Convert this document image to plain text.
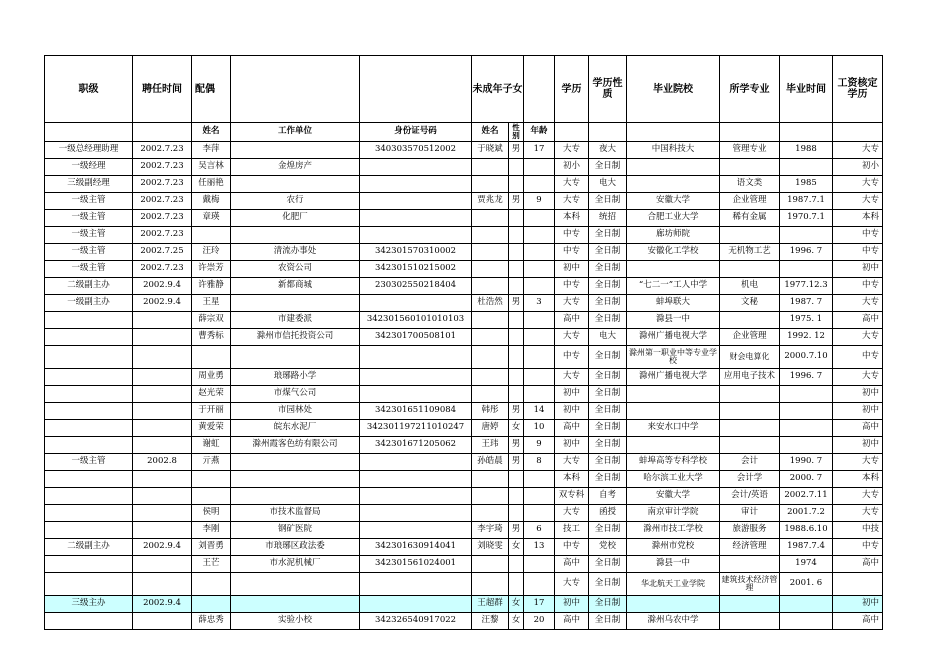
职级	聘任时间	配偶			未成年子女			学历	学历性质	毕业院校	所学专业	毕业时间	工资核定学历
		姓名	工作单位	身份证号码	姓名	性别	年龄						
一级总经理助理	2002.7.23	李萍		340303570512002	于晓斌	男	17	大专	夜大	中国科技大	管理专业	1988	大专
一级经理	2002.7.23	吴言林	金煌房产					初小	全日制				初小
三级副经理	2002.7.23	任丽艳						大专	电大		语文类	1985	大专
一级主管	2002.7.23	戴梅	农行		贾兆龙	男	9	大专	全日制	安徽大学	企业管理	1987.7.1	大专
一级主管	2002.7.23	章瑛	化肥厂					本科	统招	合肥工业大学	稀有金属	1970.7.1	本科
一级主管	2002.7.23							中专	全日制	廊坊师院			中专
一级主管	2002.7.25	汪玲	清流办事处	342301570310002				中专	全日制	安徽化工学校	无机物工艺	1996. 7	中专
一级主管	2002.7.23	许崇芳	农资公司	342301510215002				初中	全日制				初中
二级副主办	2002.9.4	许雅静	新都商城	230302550218404				中专	全日制	“七二一”工人中学	机电	1977.12.3	中专
一级副主办	2002.9.4	王星			杜浩然	男	3	大专	全日制	蚌埠联大	文秘	1987. 7	大专
		薛宗双	市建委派	342301560101010103				高中	全日制	滁县一中		1975. 1	高中
		曹秀标	滁州市信托投资公司	342301700508101				大专	电大	滁州广播电视大学	企业管理	1992. 12	大专
								中专	全日制	滁州第一职业中等专业学校	财会电算化	2000.7.10	中专
		周业勇	琅琊路小学					大专	全日制	滁州广播电视大学	应用电子技术	1996. 7	大专
		赵光荣	市煤气公司					初中	全日制				初中
		于开丽	市园林处	342301651109084	韩彤	男	14	初中	全日制				初中
		黄爱荣	皖东水泥厂	342301197211010247	唐婷	女	10	高中	全日制	来安水口中学			高中
		谢虹	滁州霞客色纺有限公司	342301671205062	王玮	男	9	初中	全日制				初中
一级主管	2002.8	亓燕			孙皓晨	男	8	大专	全日制	蚌埠高等专科学校	会计	1990. 7	大专
								本科	全日制	哈尔滨工业大学	会计学	2000. 7	本科
								双专科	自考	安徽大学	会计/英语	2002.7.11	大专
		侯明	市技术监督局					大专	函授	南京审计学院	审计	2001.7.2	大专
		李刚	钢矿医院		李宇琦	男	6	技工	全日制	滁州市技工学校	旅游服务	1988.6.10	中技
二级副主办	2002.9.4	刘晋勇	市琅琊区政法委	342301630914041	刘晓雯	女	13	中专	党校	滁州市党校	经济管理	1987.7.4	中专
		王芒	市水泥机械厂	342301561024001				高中	全日制	滁县一中		1974	高中
								大专	全日制	华北航天工业学院	建筑技术经济管理	2001. 6	
三级主办	2002.9.4				王超群	女	17	初中	全日制				初中
		薛忠秀	实验小校	342326540917022	汪黎	女	20	高中	全日制	滁州乌农中学			高中
